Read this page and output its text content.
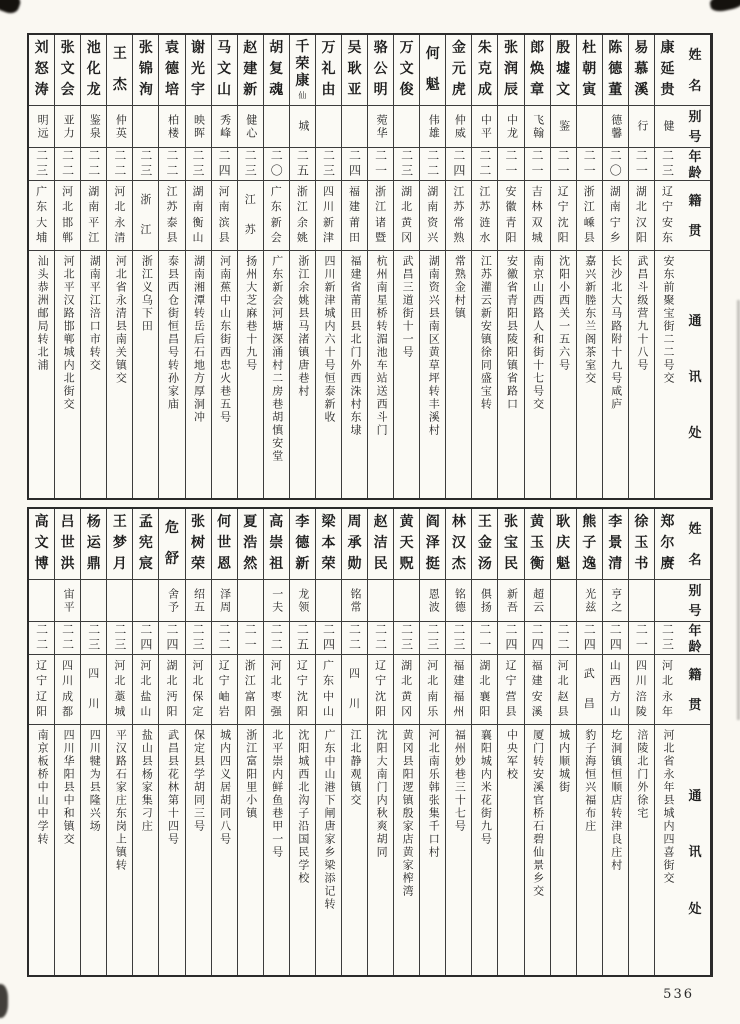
姓
名
别
号
年
龄
籍
贯
通
讯
处
康
延
贵
健
二三
辽
宁
安
东
安东前聚宝街二二号交
易
慕
溪
行
二一
湖
北
汉
阳
武昌斗级营九十八号
陈
德
董
德馨
二〇
湖
南
宁
乡
长沙北大马路附十九号咸庐
杜
朝
寅
二一
浙
江
嵊
县
嘉兴新塍东兰阁茶室交
殷
墟
文
鉴
二一
辽
宁
沈
阳
沈阳小西关一五六号
郎
焕
章
飞翰
二一
吉
林
双
城
南京山西路人和街十七号交
张
润
辰
中龙
二一
安
徽
青
阳
安徽省青阳县陵阳镇省路口
朱
克
成
中平
二二
江
苏
涟
水
江苏灌云新安镇徐同盛宝转
金
元
虎
仲威
二四
江
苏
常
熟
常熟金村镇
何
魁
伟雄
二二
湖
南
资
兴
湖南资兴县南区黄草坪转丰溪村
万
文
俊
二三
湖
北
黄
冈
武昌三道街十一号
骆
公
明
菀华
二一
浙
江
诸
暨
杭州南星桥转湄池车站送西斗门
吴
耿
亚
二四
福
建
莆
田
福建省莆田县北门外西洙村东埭
万
礼
由
二三
四
川
新
津
四川新津城内六十号恒泰新收
千
荣
康
仙
城
二五
浙
江
余
姚
浙江余姚县马渚镇唐巷村
胡
复
魂
二〇
广
东
新
会
广东新会河塘深涌村二房巷胡慎安堂
赵
建
新
健心
二三
江
苏
扬州大芝麻巷十九号
马
文
山
秀峰
二四
河
南
滨
县
河南蕉中山东街西忠火巷五号
谢
光
宇
映晖
二三
湖
南
衡
山
湖南湘潭转岳后石地方厚洞冲
袁
德
培
柏楼
二二
江
苏
泰
县
泰县西仓街恒昌号转孙家庙
张
锦
洵
二三
浙
江
浙江义乌下田
王
杰
仲英
二二
河
北
永
清
河北省永清县南关镇交
池
化
龙
鉴泉
二二
湖
南
平
江
湖南平江涪口市转交
张
文
会
亚力
二二
河
北
邯
郸
河北平汉路邯郸城内北街交
刘
怒
涛
明远
二三
广
东
大
埔
汕头恭洲邮局转北浦
姓
名
别
号
年
龄
籍
贯
通
讯
处
郑
尔
赓
二三
河
北
永
年
河北省永年县城内四喜街交
徐
玉
书
二一
四
川
涪
陵
涪陵北门外徐宅
李
景
清
亨之
二四
山
西
方
山
圪洞镇恒顺店转津良庄村
熊
子
逸
光兹
二四
武
昌
豹子海恒兴福布庄
耿
庆
魁
二二
河
北
赵
县
城内顺城街
黄
玉
衡
超云
二四
福
建
安
溪
厦门转安溪官桥石碧仙景乡交
张
宝
民
新吾
二四
辽
宁
营
县
中央军校
王
金
汤
俱扬
二一
湖
北
襄
阳
襄阳城内米花街九号
林
汉
杰
铭德
二三
福
建
福
州
福州妙巷三十七号
阎
泽
挺
恩波
二三
河
北
南
乐
河北南乐韩张集千口村
黄
天
贶
二三
湖
北
黄
冈
黄冈县阳逻镇殷家店黄家榨湾
赵
洁
民
二二
辽
宁
沈
阳
沈阳大南门内秋爽胡同
周
承
勋
铭常
二二
四
川
江北静观镇交
梁
本
荣
二四
广
东
中
山
广东中山港下闸唐家乡梁添记转
李
德
新
龙领
二五
辽
宁
沈
阳
沈阳城西北沟子沿国民学校
高
崇
祖
一夫
二二
河
北
枣
强
北平崇内鲜鱼巷甲一号
夏
浩
然
二一
浙
江
富
阳
浙江富阳里小镇
何
世
恩
泽周
二二
辽
宁
岫
岩
城内四义居胡同八号
张
树
荣
绍五
二三
河
北
保
定
保定县学胡同三号
危
舒
舍予
二四
湖
北
沔
阳
武昌县花林第十四号
孟
宪
宸
二四
河
北
盐
山
盐山县杨家集刁庄
王
梦
月
二三
河
北
藁
城
平汉路石家庄东岗上镇转
杨
运
鼎
二三
四
川
四川犍为县隆兴场
吕
世
洪
宙平
二二
四
川
成
都
四川华阳县中和镇交
高
文
博
二二
辽
宁
辽
阳
南京板桥中山中学转
536
